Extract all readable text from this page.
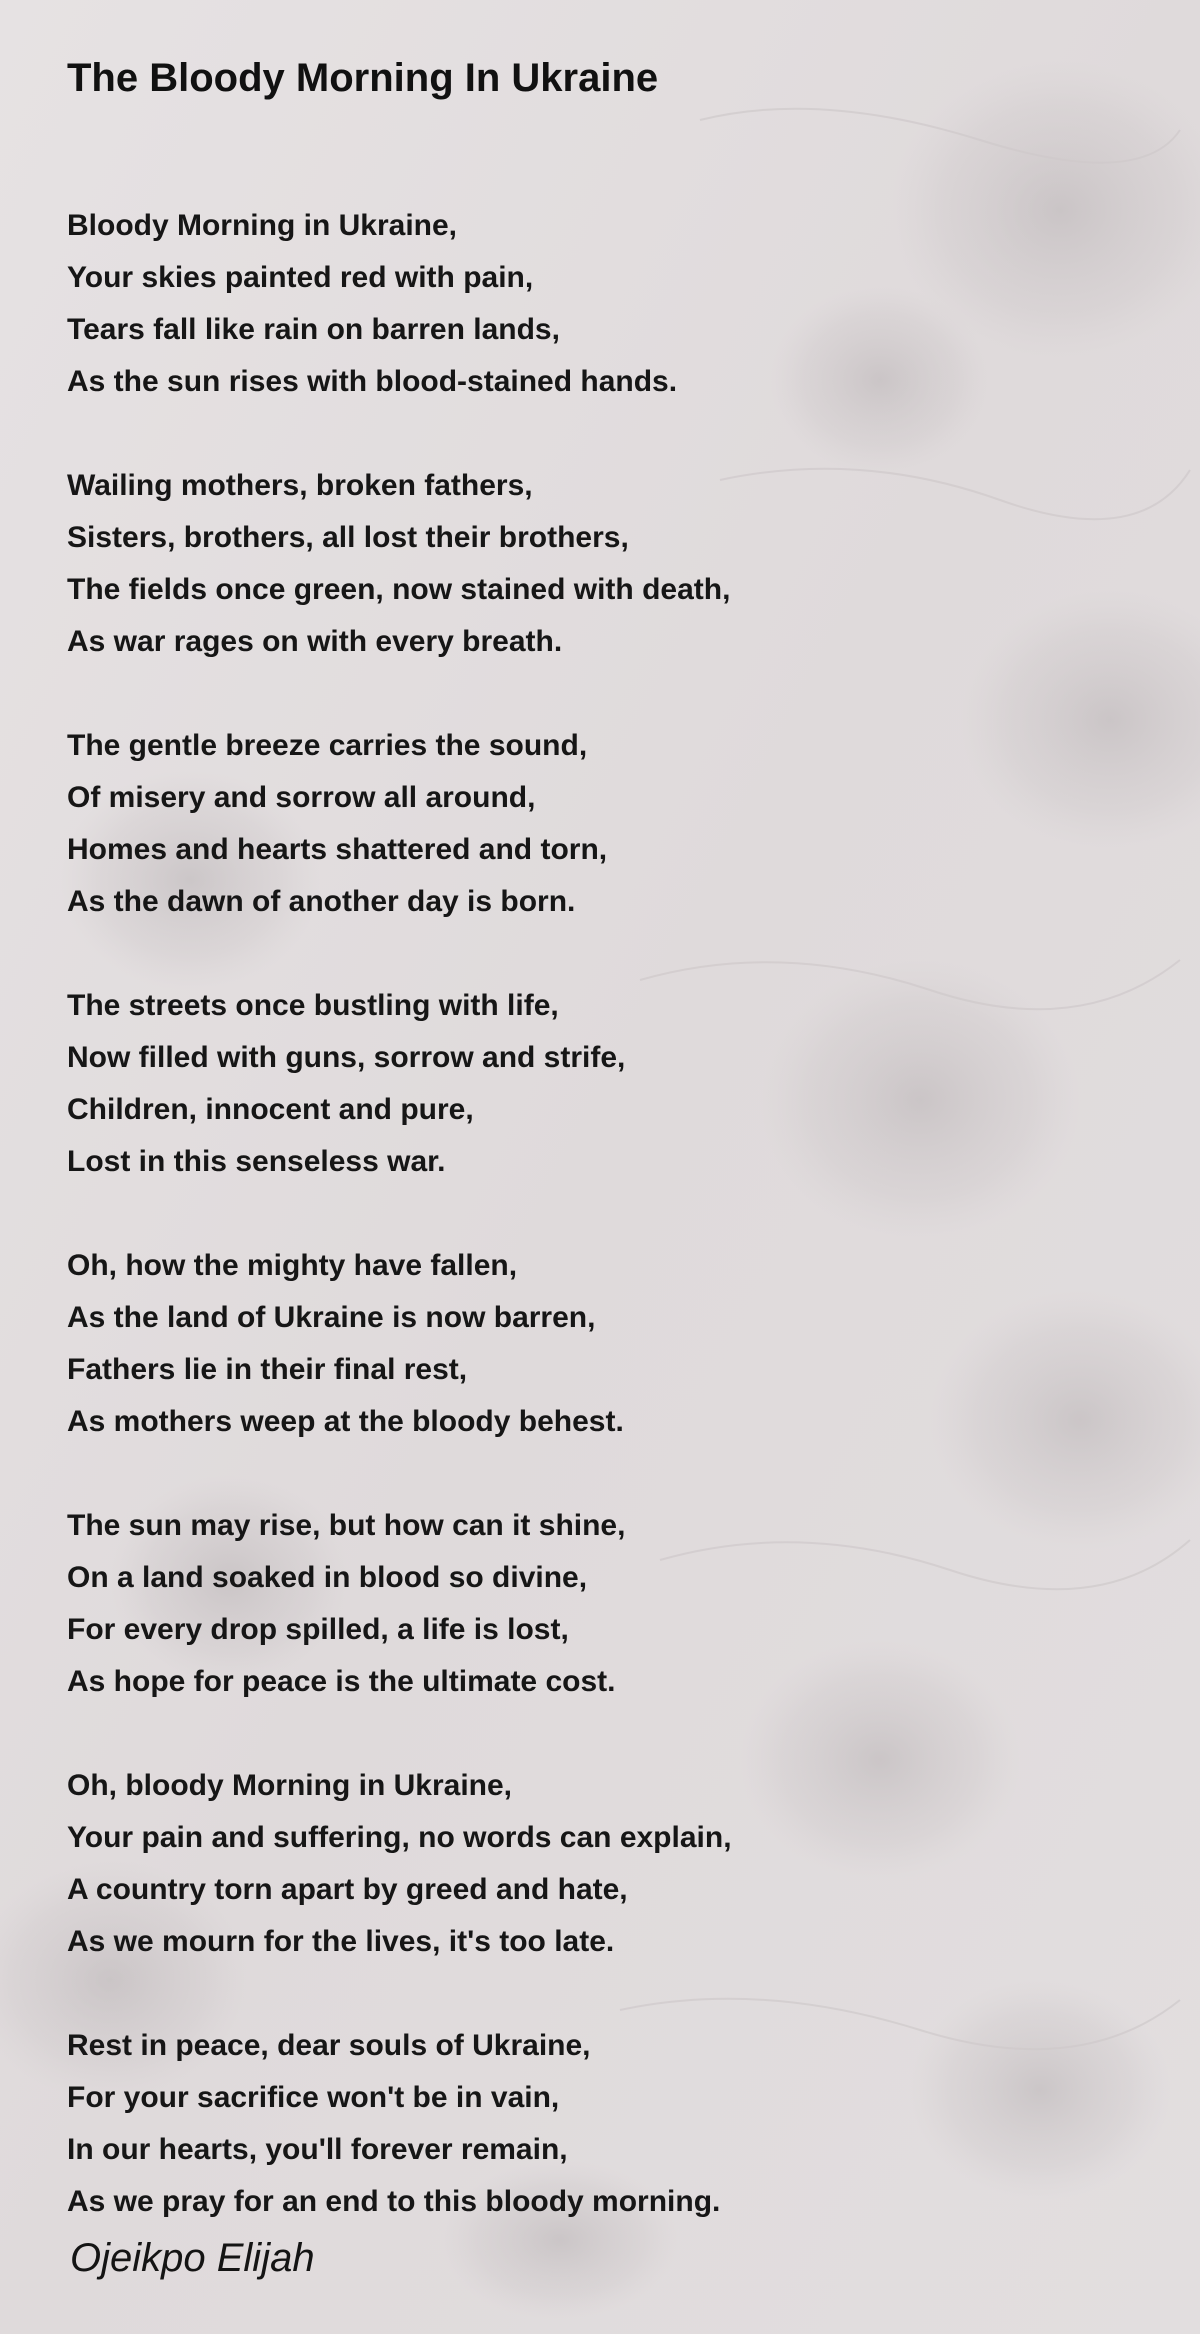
The Bloody Morning In Ukraine
Bloody Morning in Ukraine,
Your skies painted red with pain,
Tears fall like rain on barren lands,
As the sun rises with blood-stained hands.
Wailing mothers, broken fathers,
Sisters, brothers, all lost their brothers,
The fields once green, now stained with death,
As war rages on with every breath.
The gentle breeze carries the sound,
Of misery and sorrow all around,
Homes and hearts shattered and torn,
As the dawn of another day is born.
The streets once bustling with life,
Now filled with guns, sorrow and strife,
Children, innocent and pure,
Lost in this senseless war.
Oh, how the mighty have fallen,
As the land of Ukraine is now barren,
Fathers lie in their final rest,
As mothers weep at the bloody behest.
The sun may rise, but how can it shine,
On a land soaked in blood so divine,
For every drop spilled, a life is lost,
As hope for peace is the ultimate cost.
Oh, bloody Morning in Ukraine,
Your pain and suffering, no words can explain,
A country torn apart by greed and hate,
As we mourn for the lives, it's too late.
Rest in peace, dear souls of Ukraine,
For your sacrifice won't be in vain,
In our hearts, you'll forever remain,
As we pray for an end to this bloody morning.
Ojeikpo Elijah
